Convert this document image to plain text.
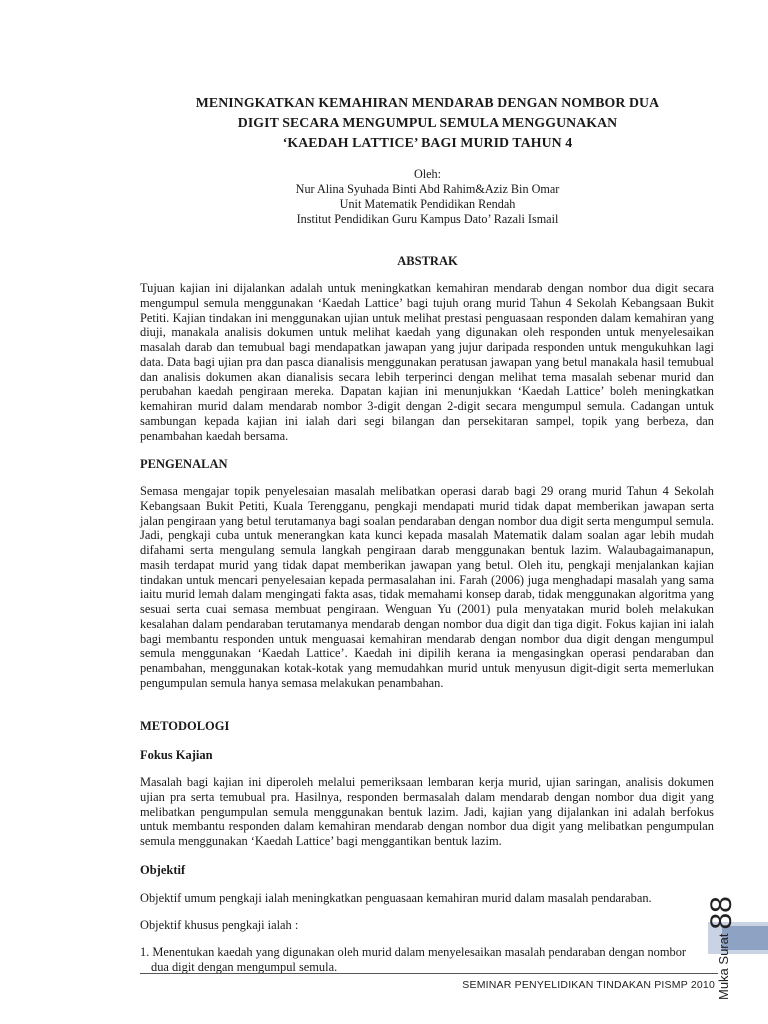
MENINGKATKAN KEMAHIRAN MENDARAB DENGAN NOMBOR DUA
DIGIT SECARA MENGUMPUL SEMULA MENGGUNAKAN
‘KAEDAH LATTICE’ BAGI MURID TAHUN 4
Oleh:
Nur Alina Syuhada Binti Abd Rahim&Aziz Bin Omar
Unit Matematik Pendidikan Rendah
Institut Pendidikan Guru Kampus Dato’ Razali Ismail
ABSTRAK
Tujuan kajian ini dijalankan adalah untuk meningkatkan kemahiran mendarab dengan nombor dua digit secara mengumpul semula menggunakan ‘Kaedah Lattice’ bagi tujuh orang murid Tahun 4 Sekolah Kebangsaan Bukit Petiti. Kajian tindakan ini menggunakan ujian untuk melihat prestasi penguasaan responden dalam kemahiran yang diuji, manakala analisis dokumen untuk melihat kaedah yang digunakan oleh responden untuk menyelesaikan masalah darab dan temubual bagi mendapatkan jawapan yang jujur daripada responden untuk mengukuhkan lagi data. Data bagi ujian pra dan pasca dianalisis menggunakan peratusan jawapan yang betul manakala hasil temubual dan analisis dokumen akan dianalisis secara lebih terperinci dengan melihat tema masalah sebenar murid dan perubahan kaedah pengiraan mereka. Dapatan kajian ini menunjukkan ‘Kaedah Lattice’ boleh meningkatkan kemahiran murid dalam mendarab nombor 3-digit dengan 2-digit secara mengumpul semula. Cadangan untuk sambungan kepada kajian ini ialah dari segi bilangan dan persekitaran sampel, topik yang berbeza, dan penambahan kaedah bersama.
PENGENALAN
Semasa mengajar topik penyelesaian masalah melibatkan operasi darab bagi 29 orang murid Tahun 4 Sekolah Kebangsaan Bukit Petiti, Kuala Terengganu, pengkaji mendapati murid tidak dapat memberikan jawapan serta jalan pengiraan yang betul terutamanya bagi soalan pendaraban dengan nombor dua digit serta mengumpul semula. Jadi, pengkaji cuba untuk menerangkan kata kunci kepada masalah Matematik dalam soalan agar lebih mudah difahami serta mengulang semula langkah pengiraan darab menggunakan bentuk lazim. Walaubagaimanapun, masih terdapat murid yang tidak dapat memberikan jawapan yang betul. Oleh itu, pengkaji menjalankan kajian tindakan untuk mencari penyelesaian kepada permasalahan ini. Farah (2006) juga menghadapi masalah yang sama iaitu murid lemah dalam mengingati fakta asas, tidak memahami konsep darab, tidak menggunakan algoritma yang sesuai serta cuai semasa membuat pengiraan. Wenguan Yu (2001) pula menyatakan murid boleh melakukan kesalahan dalam pendaraban terutamanya mendarab dengan nombor dua digit dan tiga digit. Fokus kajian ini ialah bagi membantu responden untuk menguasai kemahiran mendarab dengan nombor dua digit dengan mengumpul semula menggunakan ‘Kaedah Lattice’. Kaedah ini dipilih kerana ia mengasingkan operasi pendaraban dan penambahan, menggunakan kotak-kotak yang memudahkan murid untuk menyusun digit-digit serta memerlukan pengumpulan semula hanya semasa melakukan penambahan.
METODOLOGI
Fokus Kajian
Masalah bagi kajian ini diperoleh melalui pemeriksaan lembaran kerja murid, ujian saringan, analisis dokumen ujian pra serta temubual pra. Hasilnya, responden bermasalah dalam mendarab dengan nombor dua digit yang melibatkan pengumpulan semula menggunakan bentuk lazim. Jadi, kajian yang dijalankan ini adalah berfokus untuk membantu responden dalam kemahiran mendarab dengan nombor dua digit yang melibatkan pengumpulan semula menggunakan ‘Kaedah Lattice’ bagi menggantikan bentuk lazim.
Objektif
Objektif umum pengkaji ialah meningkatkan penguasaan kemahiran murid dalam masalah pendaraban.
Objektif khusus pengkaji ialah :
1. Menentukan kaedah yang digunakan oleh murid dalam menyelesaikan masalah pendaraban dengan nombor
dua digit dengan mengumpul semula.	Muka Surat88
SEMINAR PENYELIDIKAN TINDAKAN PISMP 2010
